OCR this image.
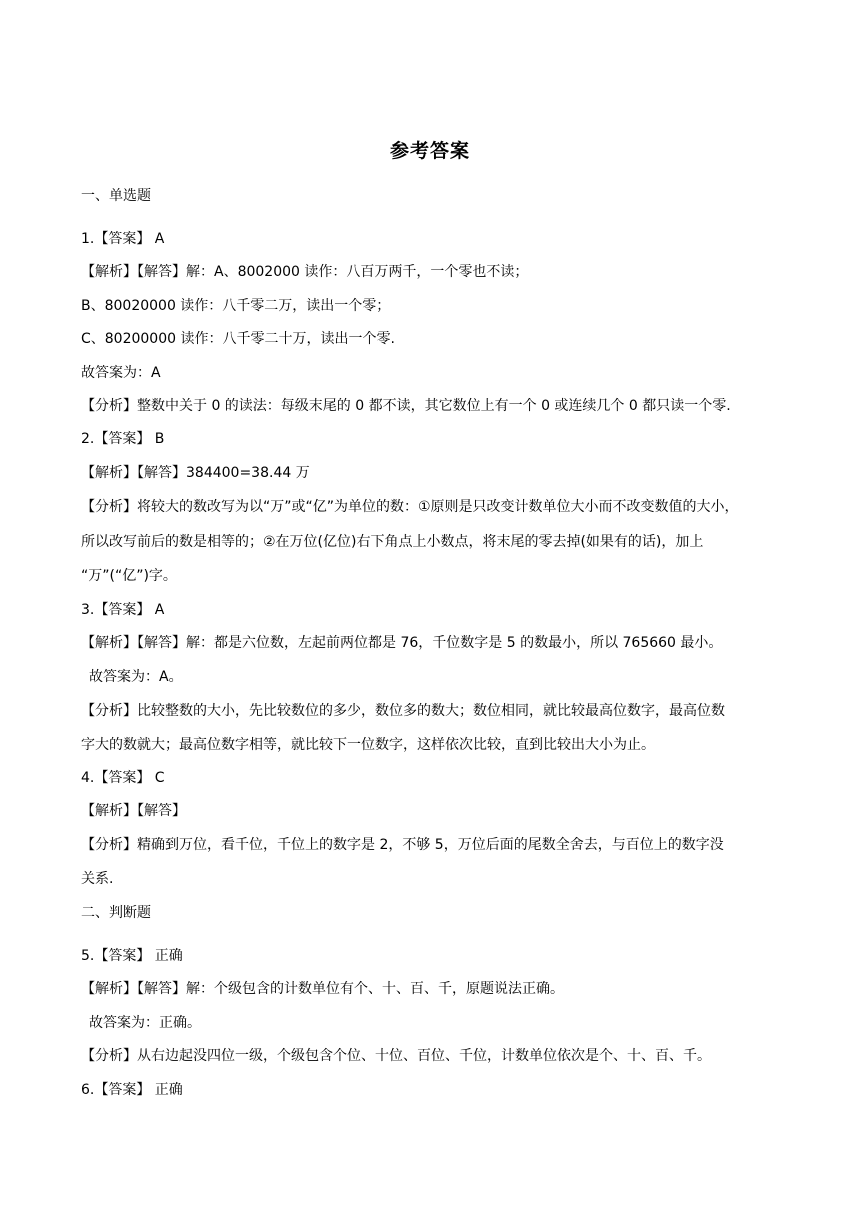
参考答案
一、单选题
1.【答案】 A
【解析】【解答】解：A、8002000 读作：八百万两千，一个零也不读；
B、80020000 读作：八千零二万，读出一个零；
C、80200000 读作：八千零二十万，读出一个零.
故答案为：A
【分析】整数中关于 0 的读法：每级末尾的 0 都不读，其它数位上有一个 0 或连续几个 0 都只读一个零.
2.【答案】 B
【解析】【解答】384400=38.44 万
【分析】将较大的数改写为以“万”或“亿”为单位的数：①原则是只改变计数单位大小而不改变数值的大小，
所以改写前后的数是相等的；②在万位(亿位)右下角点上小数点，将末尾的零去掉(如果有的话)，加上
“万”(“亿”)字。
3.【答案】 A
【解析】【解答】解：都是六位数，左起前两位都是 76，千位数字是 5 的数最小，所以 765660 最小。
故答案为：A。
【分析】比较整数的大小，先比较数位的多少，数位多的数大；数位相同，就比较最高位数字，最高位数
字大的数就大；最高位数字相等，就比较下一位数字，这样依次比较，直到比较出大小为止。
4.【答案】 C
【解析】【解答】
【分析】精确到万位，看千位，千位上的数字是 2，不够 5，万位后面的尾数全舍去，与百位上的数字没
关系.
二、判断题
5.【答案】 正确
【解析】【解答】解：个级包含的计数单位有个、十、百、千，原题说法正确。
故答案为：正确。
【分析】从右边起没四位一级，个级包含个位、十位、百位、千位，计数单位依次是个、十、百、千。
6.【答案】 正确
